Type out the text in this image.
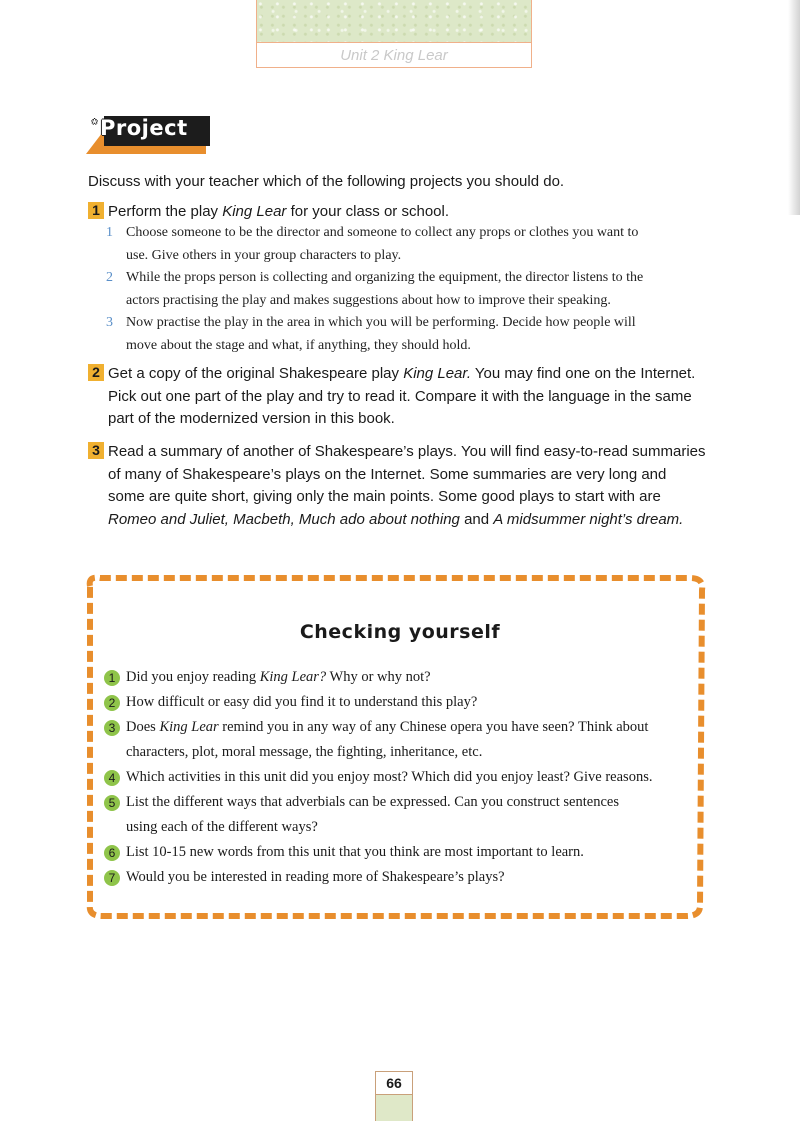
Unit 2 King Lear
* Project
Discuss with your teacher which of the following projects you should do.
1 Perform the play King Lear for your class or school.
1 Choose someone to be the director and someone to collect any props or clothes you want to
use. Give others in your group characters to play.
2 While the props person is collecting and organizing the equipment, the director listens to the
actors practising the play and makes suggestions about how to improve their speaking.
3 Now practise the play in the area in which you will be performing. Decide how people will
move about the stage and what, if anything, they should hold.
2 Get a copy of the original Shakespeare play King Lear. You may find one on the Internet.
Pick out one part of the play and try to read it. Compare it with the language in the same
part of the modernized version in this book.
3 Read a summary of another of Shakespeare’s plays. You will find easy-to-read summaries
of many of Shakespeare’s plays on the Internet. Some summaries are very long and
some are quite short, giving only the main points. Some good plays to start with are
Romeo and Juliet, Macbeth, Much ado about nothing and A midsummer night’s dream.
Checking yourself
1 Did you enjoy reading King Lear? Why or why not?
2 How difficult or easy did you find it to understand this play?
3 Does King Lear remind you in any way of any Chinese opera you have seen? Think about
characters, plot, moral message, the fighting, inheritance, etc.
4 Which activities in this unit did you enjoy most? Which did you enjoy least? Give reasons.
5 List the different ways that adverbials can be expressed. Can you construct sentences
using each of the different ways?
6 List 10-15 new words from this unit that you think are most important to learn.
7 Would you be interested in reading more of Shakespeare’s plays?
66
